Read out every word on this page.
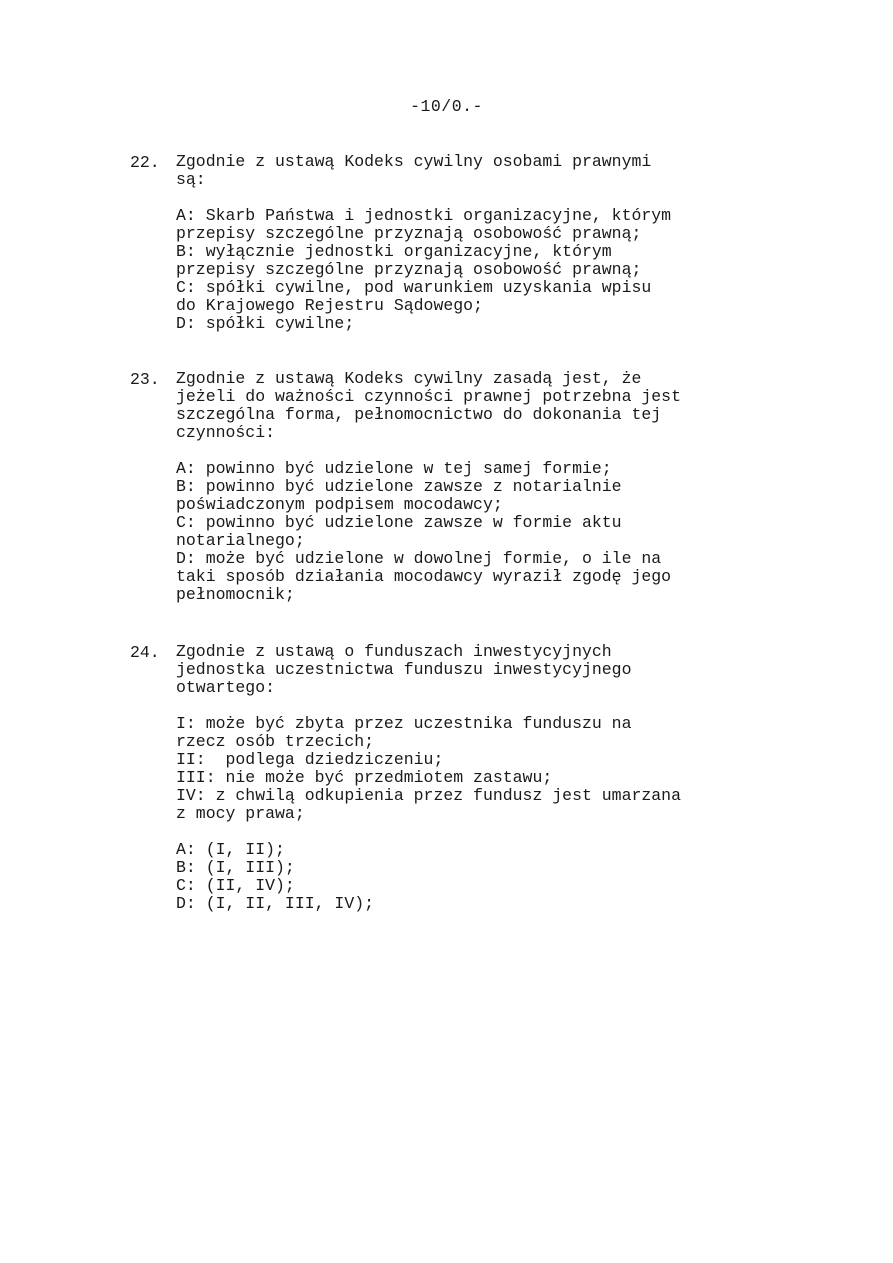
-10/0.-
22. Zgodnie z ustawą Kodeks cywilny osobami prawnymi
są:
A: Skarb Państwa i jednostki organizacyjne, którym
przepisy szczególne przyznają osobowość prawną;
B: wyłącznie jednostki organizacyjne, którym
przepisy szczególne przyznają osobowość prawną;
C: spółki cywilne, pod warunkiem uzyskania wpisu
do Krajowego Rejestru Sądowego;
D: spółki cywilne;
23. Zgodnie z ustawą Kodeks cywilny zasadą jest, że
jeżeli do ważności czynności prawnej potrzebna jest
szczególna forma, pełnomocnictwo do dokonania tej
czynności:
A: powinno być udzielone w tej samej formie;
B: powinno być udzielone zawsze z notarialnie
poświadczonym podpisem mocodawcy;
C: powinno być udzielone zawsze w formie aktu
notarialnego;
D: może być udzielone w dowolnej formie, o ile na
taki sposób działania mocodawcy wyraził zgodę jego
pełnomocnik;
24. Zgodnie z ustawą o funduszach inwestycyjnych
jednostka uczestnictwa funduszu inwestycyjnego
otwartego:
I: może być zbyta przez uczestnika funduszu na
rzecz osób trzecich;
II:  podlega dziedziczeniu;
III: nie może być przedmiotem zastawu;
IV: z chwilą odkupienia przez fundusz jest umarzana
z mocy prawa;
A: (I, II);
B: (I, III);
C: (II, IV);
D: (I, II, III, IV);
